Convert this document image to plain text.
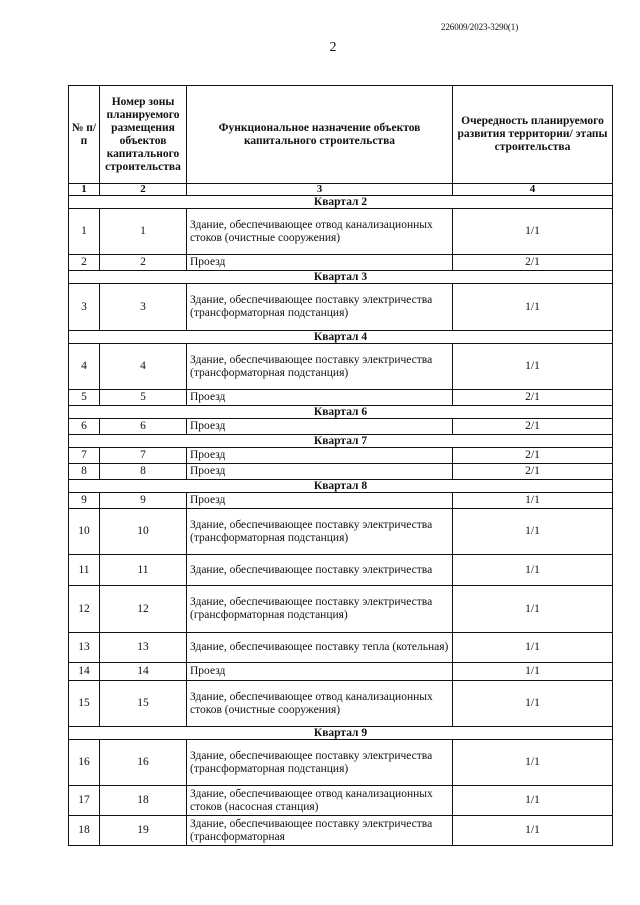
226009/2023-3290(1)
2
№ п/п	Номер зоны планируемого размещения объектов капитального строительства	Функциональное назначение объектов капитального строительства	Очередность планируемого развития территории/ этапы строительства
1	2	3	4
Квартал 2			
1	1	Здание, обеспечивающее отвод канализационных стоков (очистные сооружения)	1/1
2	2	Проезд	2/1
Квартал 3			
3	3	Здание, обеспечивающее поставку электричества (трансформаторная подстанция)	1/1
Квартал 4			
4	4	Здание, обеспечивающее поставку электричества (трансформаторная подстанция)	1/1
5	5	Проезд	2/1
Квартал 6			
6	6	Проезд	2/1
Квартал 7			
7	7	Проезд	2/1
8	8	Проезд	2/1
Квартал 8			
9	9	Проезд	1/1
10	10	Здание, обеспечивающее поставку электричества (трансформаторная подстанция)	1/1
11	11	Здание, обеспечивающее поставку электричества	1/1
12	12	Здание, обеспечивающее поставку электричества (грансформаторная подстанция)	1/1
13	13	Здание, обеспечивающее поставку тепла (котельная)	1/1
14	14	Проезд	1/1
15	15	Здание, обеспечивающее отвод канализационных стоков (очистные сооружения)	1/1
Квартал 9			
16	16	Здание, обеспечивающее поставку электричества (трансформаторная подстанция)	1/1
17	18	Здание, обеспечивающее отвод канализационных стоков (насосная станция)	1/1
18	19	Здание, обеспечивающее поставку электричества (трансформаторная	1/1
